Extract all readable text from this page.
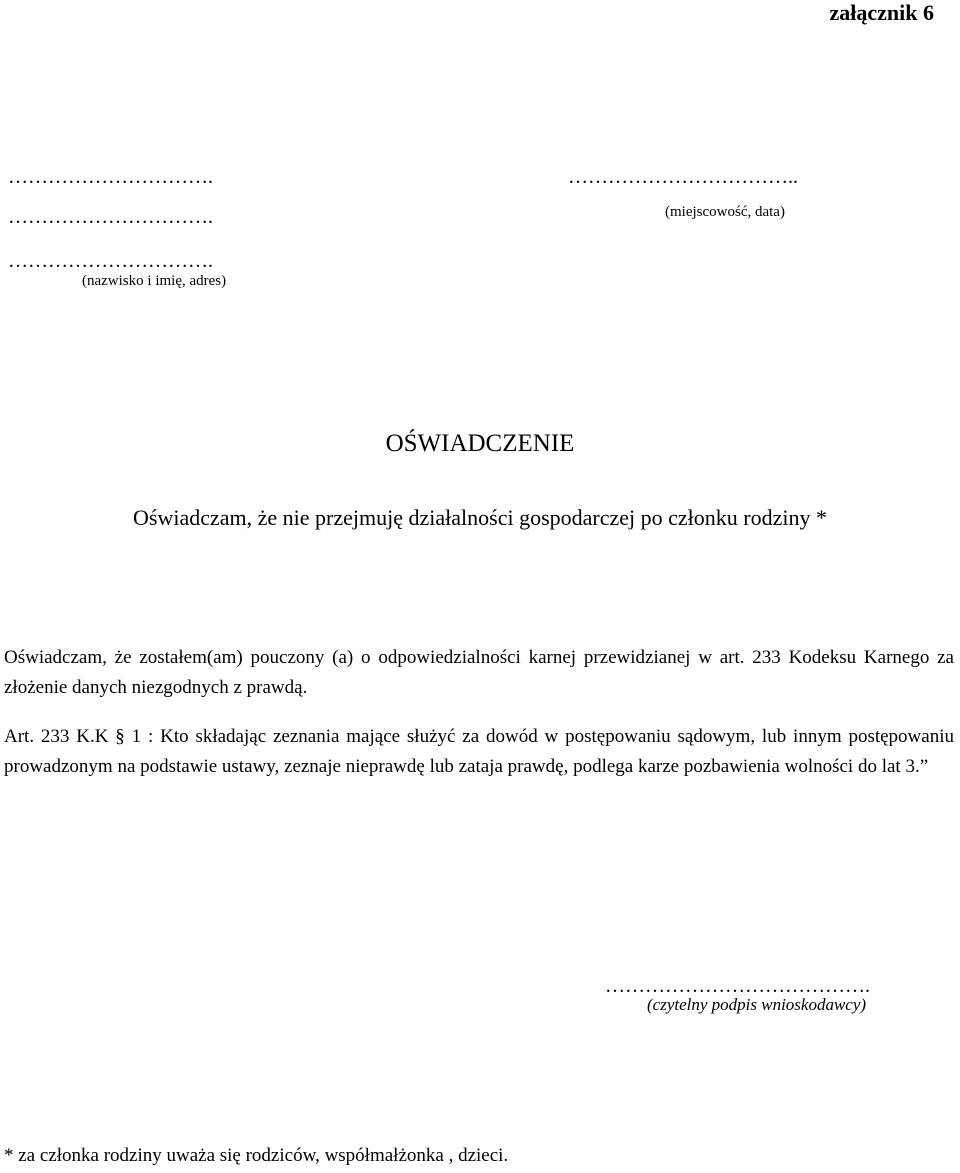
załącznik 6
………………………….
………………………….
………………………….
(nazwisko i imię, adres)
……………………………..
(miejscowość, data)
OŚWIADCZENIE
Oświadczam, że nie przejmuję działalności gospodarczej po członku rodziny *
Oświadczam, że zostałem(am) pouczony (a) o odpowiedzialności karnej przewidzianej w art. 233 Kodeksu Karnego za złożenie danych niezgodnych z prawdą.
Art. 233 K.K § 1 : Kto składając zeznania mające służyć za dowód w postępowaniu sądowym, lub innym postępowaniu prowadzonym na podstawie ustawy, zeznaje nieprawdę lub zataja prawdę, podlega karze pozbawienia wolności do lat 3.”
………………………………….
(czytelny podpis wnioskodawcy)
* za członka rodziny uważa się rodziców, współmałżonka , dzieci.
